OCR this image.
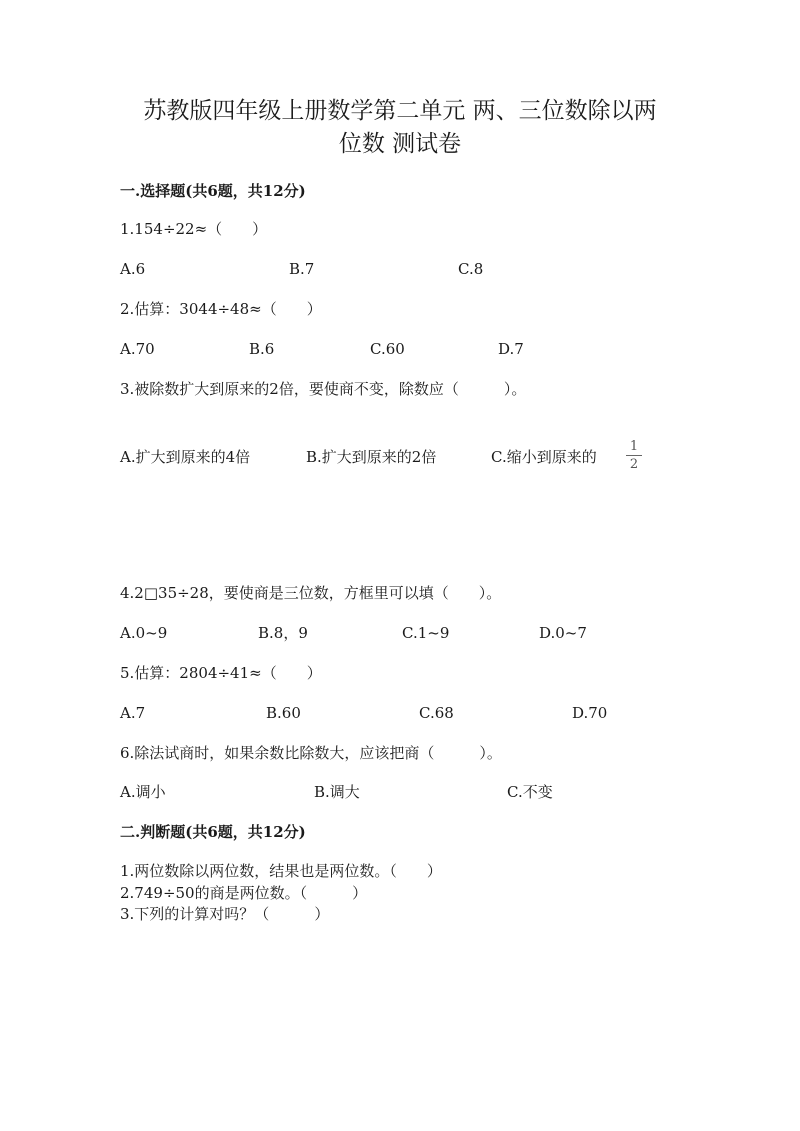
苏教版四年级上册数学第二单元 两、三位数除以两
位数 测试卷
一.选择题(共6题，共12分)
1.154÷22≈（　　）
A.6	B.7	C.8
2.估算：3044÷48≈（　　）
A.70	B.6	C.60	D.7
3.被除数扩大到原来的2倍，要使商不变，除数应（　　　）。
A.扩大到原来的4倍	B.扩大到原来的2倍	C.缩小到原来的
1
2
4.2□35÷28，要使商是三位数，方框里可以填（　　）。
A.0~9	B.8，9	C.1~9	D.0~7
5.估算：2804÷41≈（　　）
A.7	B.60	C.68	D.70
6.除法试商时，如果余数比除数大，应该把商（　　　）。
A.调小	B.调大	C.不变
二.判断题(共6题，共12分)
1.两位数除以两位数，结果也是两位数。（　　）
2.749÷50的商是两位数。（　　　）
3.下列的计算对吗？（　　　）
